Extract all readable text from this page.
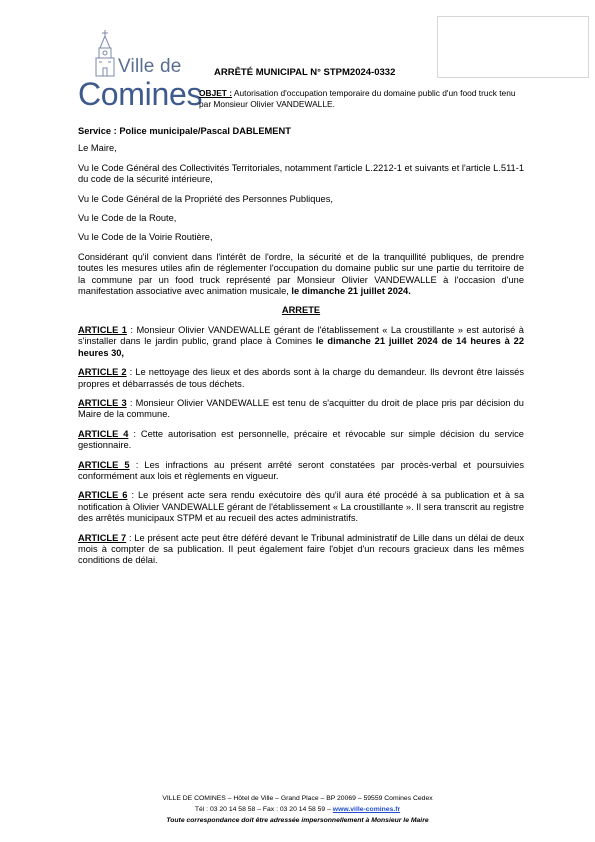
Ville de
Comines
ARRÊTÉ MUNICIPAL N° STPM2024-0332
OBJET : Autorisation d'occupation temporaire du domaine public d'un food truck tenu par Monsieur Olivier VANDEWALLE.

Service : Police municipale/Pascal DABLEMENT

Le Maire,

Vu le Code Général des Collectivités Territoriales, notamment l'article L.2212-1 et suivants et l'article L.511-1 du code de la sécurité intérieure,

Vu le Code Général de la Propriété des Personnes Publiques,

Vu le Code de la Route,

Vu le Code de la Voirie Routière,

Considérant qu'il convient dans l'intérêt de l'ordre, la sécurité et de la tranquillité publiques, de prendre toutes les mesures utiles afin de réglementer l'occupation du domaine public sur une partie du territoire de la commune par un food truck représenté par Monsieur Olivier VANDEWALLE à l'occasion d'une manifestation associative avec animation musicale, le dimanche 21 juillet 2024.

ARRETE

ARTICLE 1 : Monsieur Olivier VANDEWALLE gérant de l'établissement « La croustillante » est autorisé à s'installer dans le jardin public, grand place à Comines le dimanche 21 juillet 2024 de 14 heures à 22 heures 30,

ARTICLE 2 : Le nettoyage des lieux et des abords sont à la charge du demandeur. Ils devront être laissés propres et débarrassés de tous déchets.

ARTICLE 3 : Monsieur Olivier VANDEWALLE est tenu de s'acquitter du droit de place pris par décision du Maire de la commune.

ARTICLE 4 : Cette autorisation est personnelle, précaire et révocable sur simple décision du service gestionnaire.

ARTICLE 5 : Les infractions au présent arrêté seront constatées par procès-verbal et poursuivies conformément aux lois et règlements en vigueur.

ARTICLE 6 : Le présent acte sera rendu exécutoire dès qu'il aura été procédé à sa publication et à sa notification à Olivier VANDEWALLE gérant de l'établissement « La croustillante ». Il sera transcrit au registre des arrêtés municipaux STPM et au recueil des actes administratifs.

ARTICLE 7 : Le présent acte peut être déféré devant le Tribunal administratif de Lille dans un délai de deux mois à compter de sa publication. Il peut également faire l'objet d'un recours gracieux dans les mêmes conditions de délai.

VILLE DE COMINES – Hôtel de Ville – Grand Place – BP 20069 – 59559 Comines Cedex
Tél : 03 20 14 58 58 – Fax : 03 20 14 58 59 – www.ville-comines.fr
Toute correspondance doit être adressée impersonnellement à Monsieur le Maire
